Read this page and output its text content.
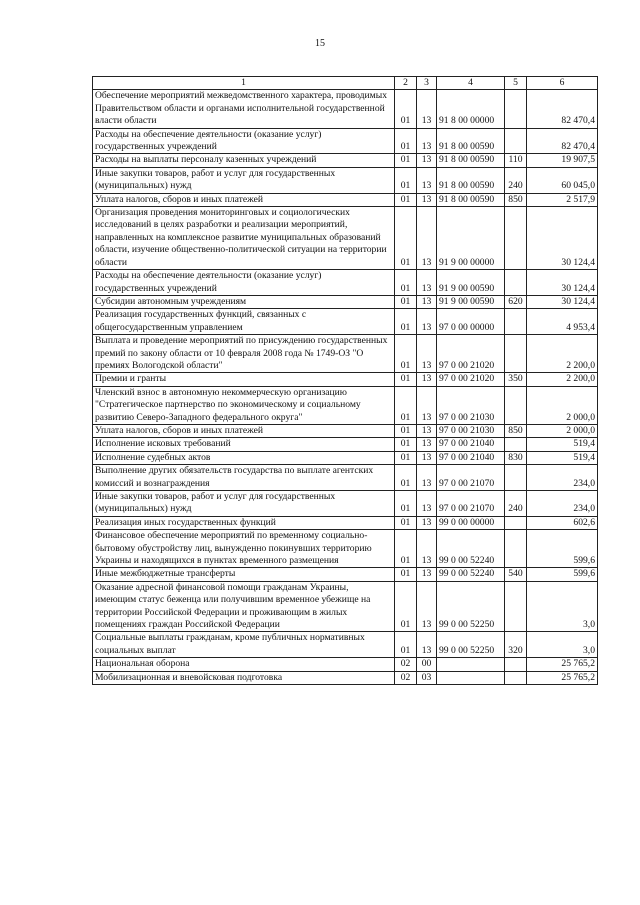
15
1	2	3	4	5	6
Обеспечение мероприятий межведомственного характера, проводимых Правительством области и органами исполнительной государственной власти области	01	13	91 8 00 00000		82 470,4
Расходы на обеспечение деятельности (оказание услуг) государственных учреждений	01	13	91 8 00 00590		82 470,4
Расходы на выплаты персоналу казенных учреждений	01	13	91 8 00 00590	110	19 907,5
Иные закупки товаров, работ и услуг для государственных (муниципальных) нужд	01	13	91 8 00 00590	240	60 045,0
Уплата налогов, сборов и иных платежей	01	13	91 8 00 00590	850	2 517,9
Организация проведения мониторинговых и социологических исследований в целях разработки и реализации мероприятий, направленных на комплексное развитие муниципальных образований области, изучение общественно-политической ситуации на территории области	01	13	91 9 00 00000		30 124,4
Расходы на обеспечение деятельности (оказание услуг) государственных учреждений	01	13	91 9 00 00590		30 124,4
Субсидии автономным учреждениям	01	13	91 9 00 00590	620	30 124,4
Реализация государственных функций, связанных с общегосударственным управлением	01	13	97 0 00 00000		4 953,4
Выплата и проведение мероприятий по присуждению государственных премий по закону области от 10 февраля 2008 года № 1749-ОЗ "О премиях Вологодской области"	01	13	97 0 00 21020		2 200,0
Премии и гранты	01	13	97 0 00 21020	350	2 200,0
Членский взнос в автономную некоммерческую организацию "Стратегическое партнерство по экономическому и социальному развитию Северо-Западного федерального округа"	01	13	97 0 00 21030		2 000,0
Уплата налогов, сборов и иных платежей	01	13	97 0 00 21030	850	2 000,0
Исполнение исковых требований	01	13	97 0 00 21040		519,4
Исполнение судебных актов	01	13	97 0 00 21040	830	519,4
Выполнение других обязательств государства по выплате агентских комиссий и вознаграждения	01	13	97 0 00 21070		234,0
Иные закупки товаров, работ и услуг для государственных (муниципальных) нужд	01	13	97 0 00 21070	240	234,0
Реализация иных государственных функций	01	13	99 0 00 00000		602,6
Финансовое обеспечение мероприятий по временному социально-бытовому обустройству лиц, вынужденно покинувших территорию Украины и находящихся в пунктах временного размещения	01	13	99 0 00 52240		599,6
Иные межбюджетные трансферты	01	13	99 0 00 52240	540	599,6
Оказание адресной финансовой помощи гражданам Украины, имеющим статус беженца или получившим временное убежище на территории Российской Федерации и проживающим в жилых помещениях граждан Российской Федерации	01	13	99 0 00 52250		3,0
Социальные выплаты гражданам, кроме публичных нормативных социальных выплат	01	13	99 0 00 52250	320	3,0
Национальная оборона	02	00			25 765,2
Мобилизационная и вневойсковая подготовка	02	03			25 765,2
